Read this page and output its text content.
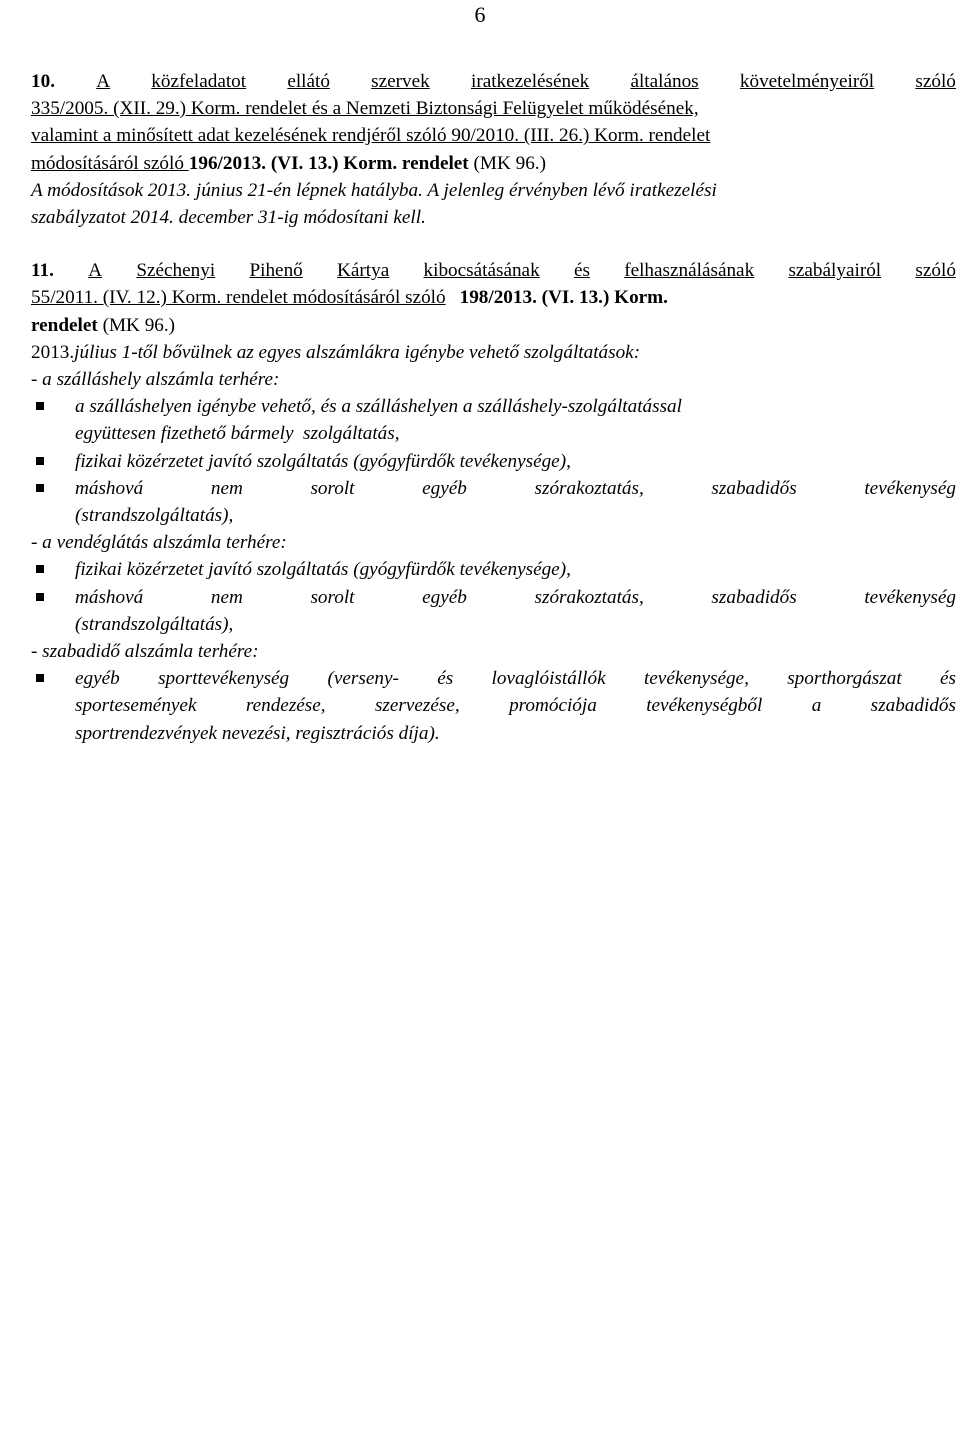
6
10. A közfeladatot ellátó szervek iratkezelésének általános követelményeiről szóló
335/2005. (XII. 29.) Korm. rendelet és a Nemzeti Biztonsági Felügyelet működésének,
valamint a minősített adat kezelésének rendjéről szóló 90/2010. (III. 26.) Korm. rendelet
módosításáról szóló 196/2013. (VI. 13.) Korm. rendelet (MK 96.)
A módosítások 2013. június 21-én lépnek hatályba. A jelenleg érvényben lévő iratkezelési
szabályzatot 2014. december 31-ig módosítani kell.
11. A Széchenyi Pihenő Kártya kibocsátásának és felhasználásának szabályairól szóló
55/2011. (IV. 12.) Korm. rendelet módosításáról szóló 198/2013. (VI. 13.) Korm.
rendelet (MK 96.)
2013. július 1-től bővülnek az egyes alszámlákra igénybe vehető szolgáltatások:
- a szálláshely alszámla terhére:
a szálláshelyen igénybe vehető, és a szálláshelyen a szálláshely-szolgáltatással
együttesen fizethető bármely  szolgáltatás,
fizikai közérzetet javító szolgáltatás (gyógyfürdők tevékenysége),
máshová	nem	sorolt	egyéb	szórakoztatás,	szabadidős	tevékenység
(strandszolgáltatás),
- a vendéglátás alszámla terhére:
fizikai közérzetet javító szolgáltatás (gyógyfürdők tevékenysége),
máshová	nem	sorolt	egyéb	szórakoztatás,	szabadidős	tevékenység
(strandszolgáltatás),
- szabadidő alszámla terhére:
egyéb sporttevékenység (verseny- és lovaglóistállók tevékenysége, sporthorgászat és
sportesemények	rendezése,	szervezése,	promóciója	tevékenységből	a	szabadidős
sportrendezvények nevezési, regisztrációs díja).
